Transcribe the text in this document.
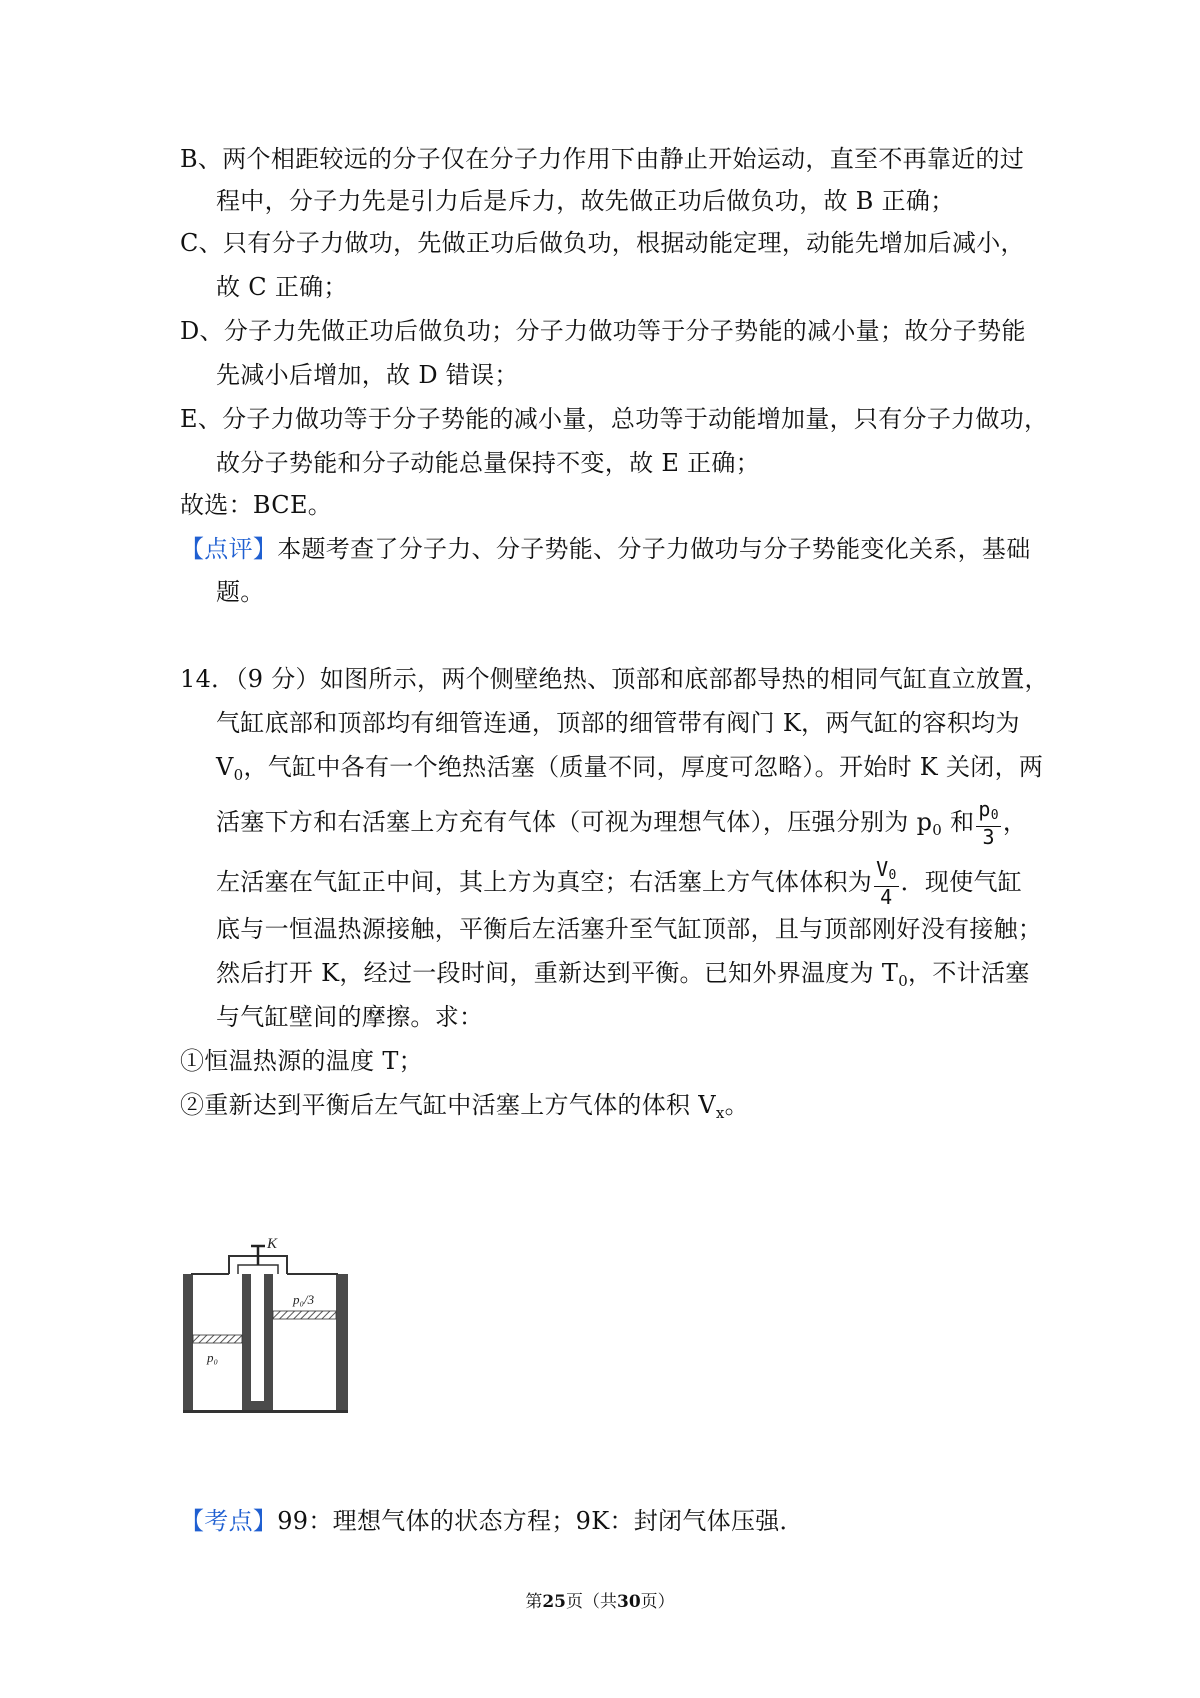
B、两个相距较远的分子仅在分子力作用下由静止开始运动，直至不再靠近的过
程中，分子力先是引力后是斥力，故先做正功后做负功，故 B 正确；
C、只有分子力做功，先做正功后做负功，根据动能定理，动能先增加后减小，
故 C 正确；
D、分子力先做正功后做负功；分子力做功等于分子势能的减小量；故分子势能
先减小后增加，故 D 错误；
E、分子力做功等于分子势能的减小量，总功等于动能增加量，只有分子力做功，
故分子势能和分子动能总量保持不变，故 E 正确；
故选：BCE。
【点评】本题考查了分子力、分子势能、分子力做功与分子势能变化关系，基础
题。
14．（9 分）如图所示，两个侧壁绝热、顶部和底部都导热的相同气缸直立放置，
气缸底部和顶部均有细管连通，顶部的细管带有阀门 K，两气缸的容积均为
$V_0$，气缸中各有一个绝热活塞（质量不同，厚度可忽略）。开始时 K 关闭，两
活塞下方和右活塞上方充有气体（可视为理想气体），压强分别为 $p_0$ 和 $\frac{p0}{3}$ ，
左活塞在气缸正中间，其上方为真空；右活塞上方气体体积为 $\frac{V0}{4}$ ．现使气缸
底与一恒温热源接触，平衡后左活塞升至气缸顶部，且与顶部刚好没有接触；
然后打开 K，经过一段时间，重新达到平衡。已知外界温度为 $T_0$，不计活塞
与气缸壁间的摩擦。求：
①恒温热源的温度 T；
②重新达到平衡后左气缸中活塞上方气体的体积 $V_x$。
K
p₀/3
p₀
【考点】99：理想气体的状态方程；9K：封闭气体压强．
第25页（共30页）
